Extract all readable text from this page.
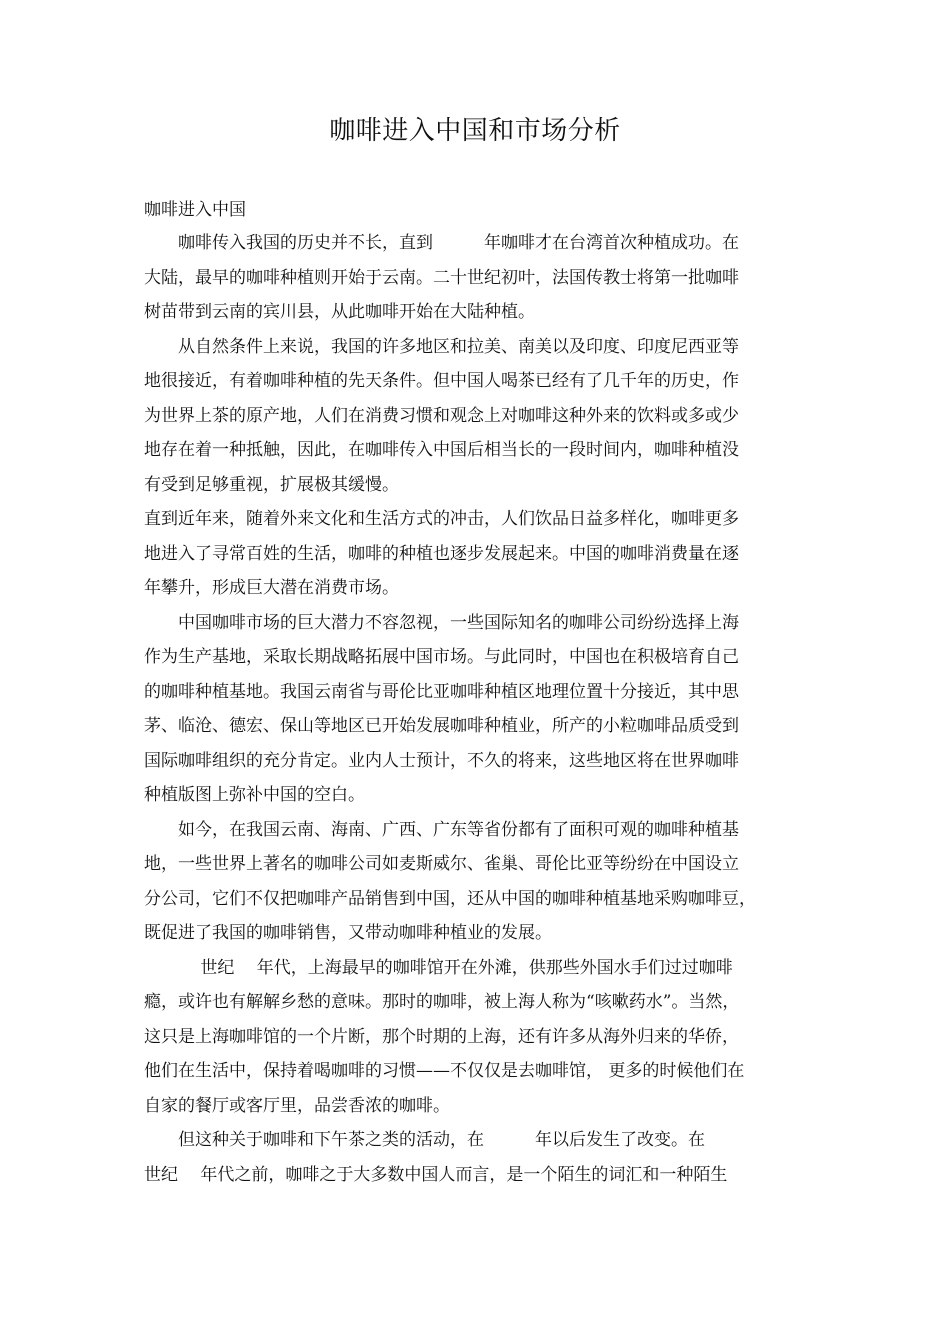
咖啡进入中国和市场分析

咖啡进入中国

咖啡传入我国的历史并不长，直到　　　年咖啡才在台湾首次种植成功。在
大陆，最早的咖啡种植则开始于云南。二十世纪初叶，法国传教士将第一批咖啡
树苗带到云南的宾川县，从此咖啡开始在大陆种植。

从自然条件上来说，我国的许多地区和拉美、南美以及印度、印度尼西亚等
地很接近，有着咖啡种植的先天条件。但中国人喝茶已经有了几千年的历史，作
为世界上茶的原产地，人们在消费习惯和观念上对咖啡这种外来的饮料或多或少
地存在着一种抵触，因此，在咖啡传入中国后相当长的一段时间内，咖啡种植没
有受到足够重视，扩展极其缓慢。

直到近年来，随着外来文化和生活方式的冲击，人们饮品日益多样化，咖啡更多
地进入了寻常百姓的生活，咖啡的种植也逐步发展起来。中国的咖啡消费量在逐
年攀升，形成巨大潜在消费市场。

中国咖啡市场的巨大潜力不容忽视，一些国际知名的咖啡公司纷纷选择上海
作为生产基地，采取长期战略拓展中国市场。与此同时，中国也在积极培育自己
的咖啡种植基地。我国云南省与哥伦比亚咖啡种植区地理位置十分接近，其中思
茅、临沧、德宏、保山等地区已开始发展咖啡种植业，所产的小粒咖啡品质受到
国际咖啡组织的充分肯定。业内人士预计，不久的将来，这些地区将在世界咖啡
种植版图上弥补中国的空白。

如今，在我国云南、海南、广西、广东等省份都有了面积可观的咖啡种植基
地，一些世界上著名的咖啡公司如麦斯威尔、雀巢、哥伦比亚等纷纷在中国设立
分公司，它们不仅把咖啡产品销售到中国，还从中国的咖啡种植基地采购咖啡豆，
既促进了我国的咖啡销售，又带动咖啡种植业的发展。

　 世纪　 年代，上海最早的咖啡馆开在外滩，供那些外国水手们过过咖啡
瘾，或许也有解解乡愁的意味。那时的咖啡，被上海人称为“咳嗽药水”。当然，
这只是上海咖啡馆的一个片断，那个时期的上海，还有许多从海外归来的华侨，
他们在生活中，保持着喝咖啡的习惯——不仅仅是去咖啡馆， 更多的时候他们在
自家的餐厅或客厅里，品尝香浓的咖啡。

但这种关于咖啡和下午茶之类的活动，在　　　年以后发生了改变。在
世纪　 年代之前，咖啡之于大多数中国人而言，是一个陌生的词汇和一种陌生
